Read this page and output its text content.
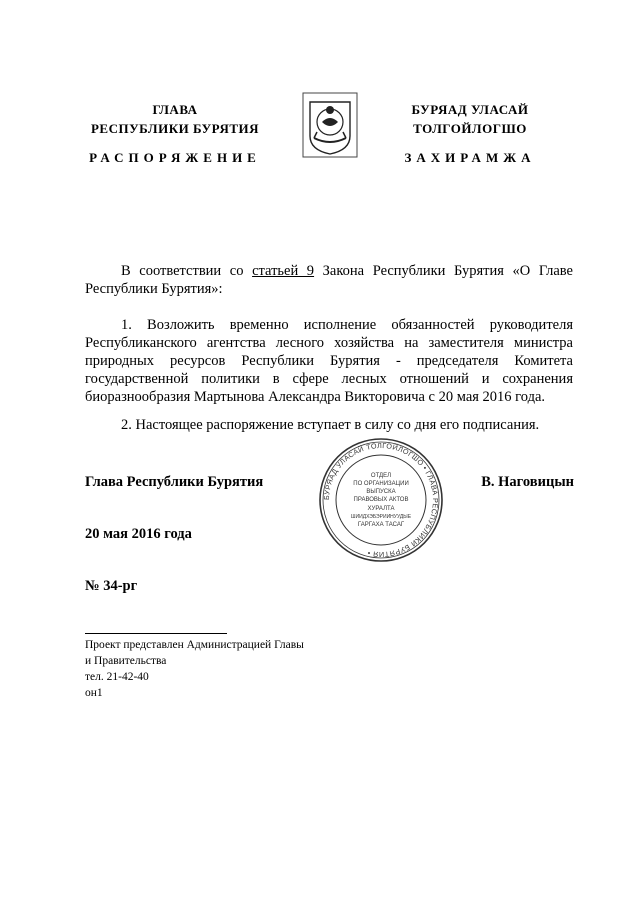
ГЛАВА
РЕСПУБЛИКИ БУРЯТИЯ
РАСПОРЯЖЕНИЕ
БУРЯАД УЛАСАЙ
ТОЛГОЙЛОГШО
ЗАХИРАМЖА
В соответствии со статьей 9 Закона Республики Бурятия «О Главе Республики Бурятия»:
1. Возложить временно исполнение обязанностей руководителя Республиканского агентства лесного хозяйства на заместителя министра природных ресурсов Республики Бурятия - председателя Комитета государственной политики в сфере лесных отношений и сохранения биоразнообразия Мартынова Александра Викторовича с 20 мая 2016 года.
2. Настоящее распоряжение вступает в силу со дня его подписания.
Глава Республики Бурятия	В. Наговицын
БУРЯАД УЛАСАЙ ТОЛГОЙЛОГШО • ГЛАВА РЕСПУБЛИКИ БУРЯТИЯ •
ОТДЕЛ
ПО ОРГАНИЗАЦИИ
ВЫПУСКА
ПРАВОВЫХ АКТОВ
ХУРАЛТА
ШИИДХЭБЭРИИНУУДЫЕ
ГАРГАХА ТАСАГ
20 мая 2016 года
№ 34-рг
Проект представлен Администрацией Главы
и Правительства
тел. 21-42-40
он1
